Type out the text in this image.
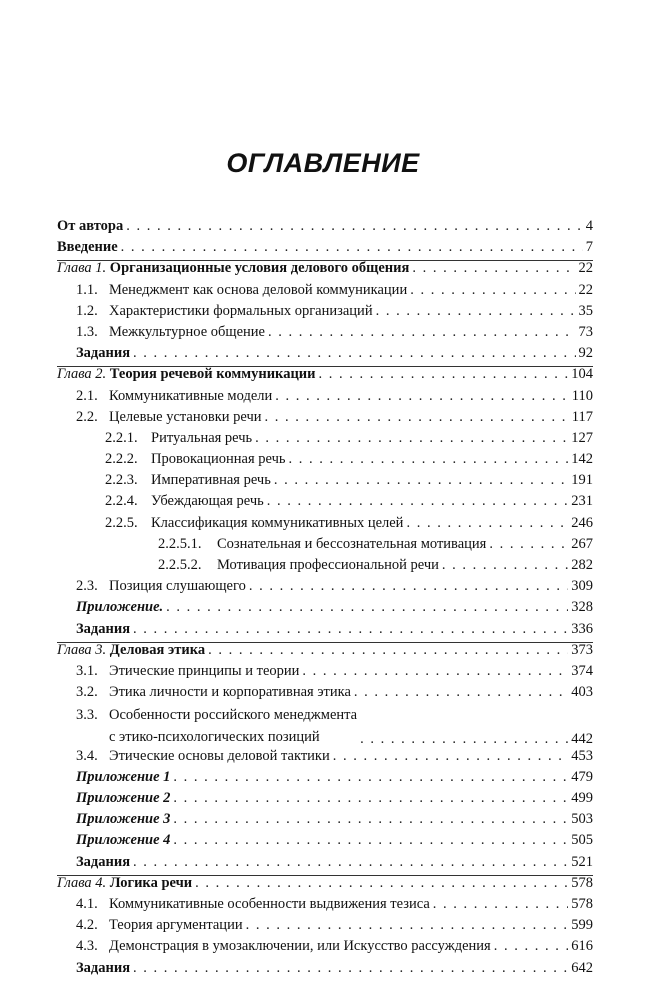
ОГЛАВЛЕНИЕ
От автора . . .	4
Введение . . .	7
Глава 1. Организационные условия делового общения . . .	22
1.1. Менеджмент как основа деловой коммуникации . . .	22
1.2. Характеристики формальных организаций . . .	35
1.3. Межкультурное общение . . .	73
Задания . . .	92
Глава 2. Теория речевой коммуникации . . .	104
2.1. Коммуникативные модели . . .	110
2.2. Целевые установки речи . . .	117
2.2.1. Ритуальная речь . . .	127
2.2.2. Провокационная речь . . .	142
2.2.3. Императивная речь . . .	191
2.2.4. Убеждающая речь . . .	231
2.2.5. Классификация коммуникативных целей . . .	246
2.2.5.1.	Сознательная и бессознательная мотивация . . .	267
2.2.5.2.	Мотивация профессиональной речи . . .	282
2.3. Позиция слушающего . . .	309
Приложение. . . .	328
Задания . . .	336
Глава 3. Деловая этика . . .	373
3.1. Этические принципы и теории . . .	374
3.2. Этика личности и корпоративная этика . . .	403
3.3. Особенности российского менеджмента
с этико-психологических позиций . . .	442
3.4. Этические основы деловой тактики . . .	453
Приложение 1 . . .	479
Приложение 2 . . .	499
Приложение 3 . . .	503
Приложение 4 . . .	505
Задания . . .	521
Глава 4. Логика речи . . .	578
4.1. Коммуникативные особенности выдвижения тезиса . . .	578
4.2. Теория аргументации . . .	599
4.3. Демонстрация в умозаключении, или Искусство рассуждения . . .	616
Задания . . .	642
